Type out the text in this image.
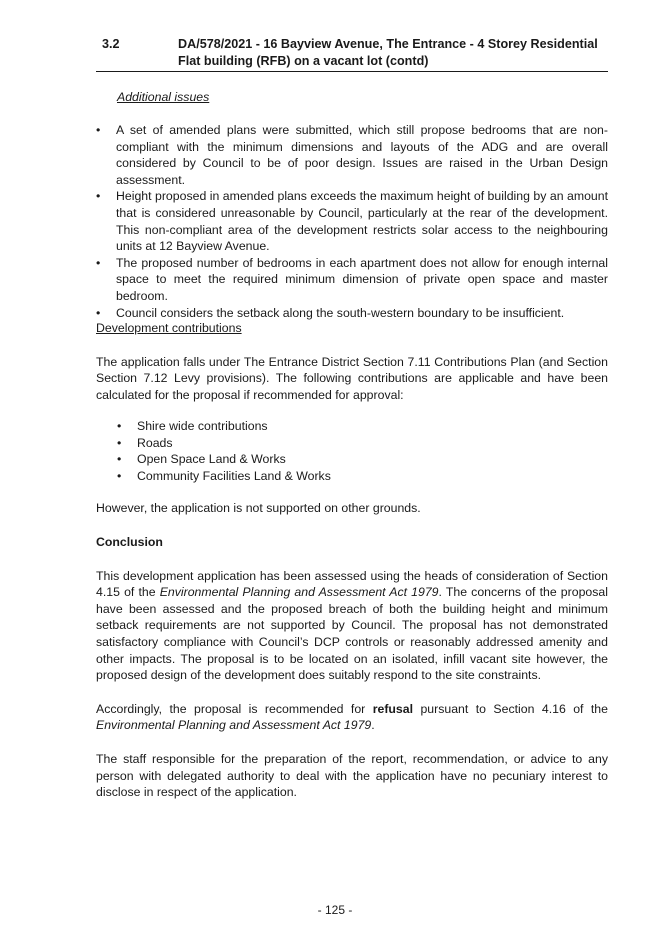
3.2	DA/578/2021 - 16 Bayview Avenue, The Entrance - 4 Storey Residential Flat building (RFB) on a vacant lot (contd)
Additional issues
• A set of amended plans were submitted, which still propose bedrooms that are non-compliant with the minimum dimensions and layouts of the ADG and are overall considered by Council to be of poor design. Issues are raised in the Urban Design assessment.
• Height proposed in amended plans exceeds the maximum height of building by an amount that is considered unreasonable by Council, particularly at the rear of the development. This non-compliant area of the development restricts solar access to the neighbouring units at 12 Bayview Avenue.
• The proposed number of bedrooms in each apartment does not allow for enough internal space to meet the required minimum dimension of private open space and master bedroom.
• Council considers the setback along the south-western boundary to be insufficient.
Development contributions

The application falls under The Entrance District Section 7.11 Contributions Plan (and Section Section 7.12 Levy provisions). The following contributions are applicable and have been calculated for the proposal if recommended for approval:

• Shire wide contributions
• Roads
• Open Space Land & Works
• Community Facilities Land & Works

However, the application is not supported on other grounds.

Conclusion

This development application has been assessed using the heads of consideration of Section 4.15 of the Environmental Planning and Assessment Act 1979. The concerns of the proposal have been assessed and the proposed breach of both the building height and minimum setback requirements are not supported by Council. The proposal has not demonstrated satisfactory compliance with Council’s DCP controls or reasonably addressed amenity and other impacts. The proposal is to be located on an isolated, infill vacant site however, the proposed design of the development does suitably respond to the site constraints.

Accordingly, the proposal is recommended for refusal pursuant to Section 4.16 of the Environmental Planning and Assessment Act 1979.

The staff responsible for the preparation of the report, recommendation, or advice to any person with delegated authority to deal with the application have no pecuniary interest to disclose in respect of the application.

- 125 -
